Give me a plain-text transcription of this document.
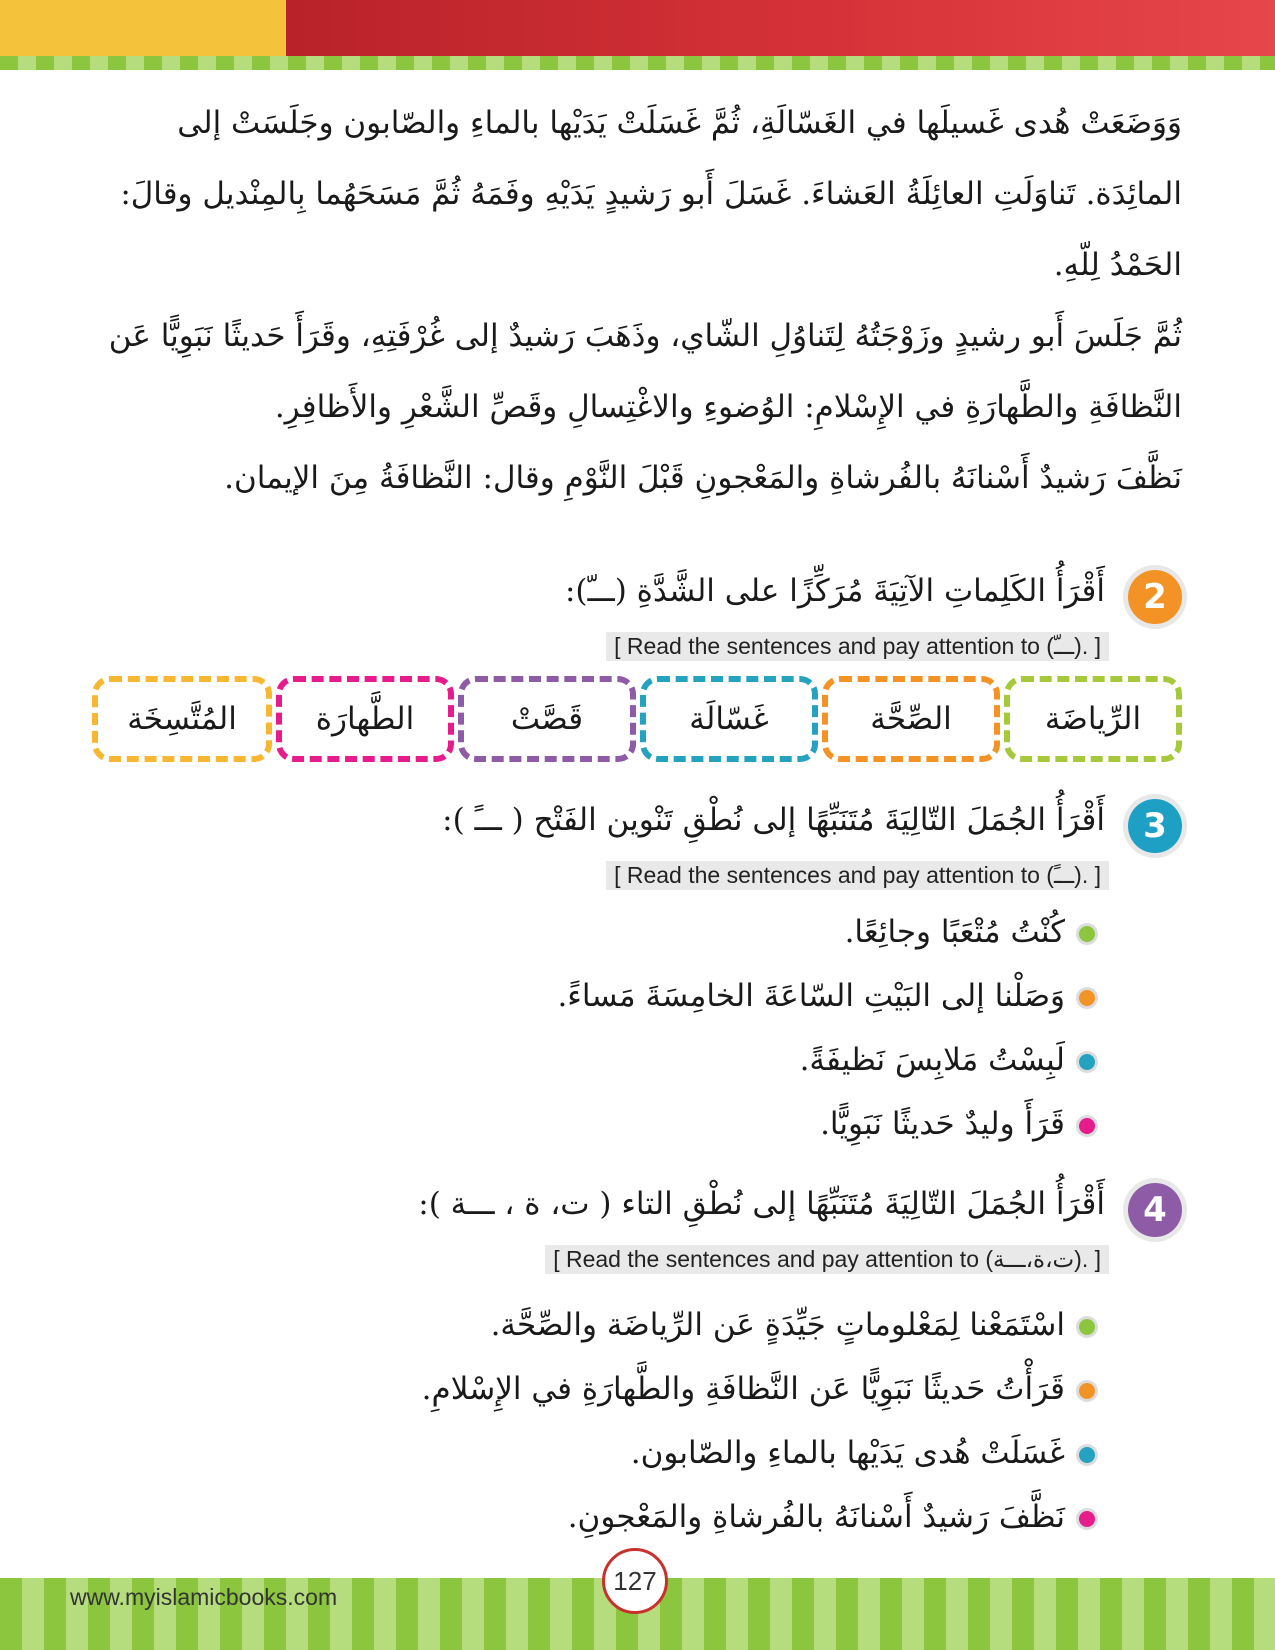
وَوَضَعَتْ هُدى غَسيلَها في الغَسّالَةِ، ثُمَّ غَسَلَتْ يَدَيْها بالماءِ والصّابون وجَلَسَتْ إلى المائِدَة. تَناوَلَتِ العائِلَةُ العَشاءَ. غَسَلَ أَبو رَشيدٍ يَدَيْهِ وفَمَهُ ثُمَّ مَسَحَهُما بِالمِنْديل وقالَ: الحَمْدُ لِلّهِ.
ثُمَّ جَلَسَ أَبو رشيدٍ وزَوْجَتُهُ لِتَناوُلِ الشّاي، وذَهَبَ رَشيدٌ إلى غُرْفَتِهِ، وقَرَأَ حَديثًا نَبَوِيًّا عَن النَّظافَةِ والطَّهارَةِ في الإِسْلامِ: الوُضوءِ والاغْتِسالِ وقَصِّ الشَّعْرِ والأَظافِرِ.
نَظَّفَ رَشيدٌ أَسْنانَهُ بالفُرشاةِ والمَعْجونِ قَبْلَ النَّوْمِ وقال: النَّظافَةُ مِنَ الإيمان.
2
أَقْرَأُ الكَلِماتِ الآتِيَةَ مُرَكِّزًا على الشَّدَّةِ (ـــّ):
[ Read the sentences and pay attention to (ـــّ). ]
الرِّياضَة
الصِّحَّة
غَسّالَة
قَصَّتْ
الطَّهارَة
المُتَّسِخَة
3
أَقْرَأُ الجُمَلَ التّالِيَةَ مُتَنَبِّهًا إلى نُطْقِ تَنْوين الفَتْح ( ـــً ):
[ Read the sentences and pay attention to (ـــً). ]
كُنْتُ مُتْعَبًا وجائِعًا.
وَصَلْنا إلى البَيْتِ السّاعَةَ الخامِسَةَ مَساءً.
لَبِسْتُ مَلابِسَ نَظيفَةً.
قَرَأَ وليدٌ حَديثًا نَبَوِيًّا.
4
أَقْرَأُ الجُمَلَ التّالِيَةَ مُتَنَبِّهًا إلى نُطْقِ التاء ( ت، ة ، ـــة ):
[ Read the sentences and pay attention to (ت،ة،ـــة). ]
اسْتَمَعْنا لِمَعْلوماتٍ جَيِّدَةٍ عَن الرِّياضَة والصِّحَّة.
قَرَأْتُ حَديثًا نَبَوِيًّا عَن النَّظافَةِ والطَّهارَةِ في الإِسْلامِ.
غَسَلَتْ هُدى يَدَيْها بالماءِ والصّابون.
نَظَّفَ رَشيدٌ أَسْنانَهُ بالفُرشاةِ والمَعْجونِ.
www.myislamicbooks.com
127
